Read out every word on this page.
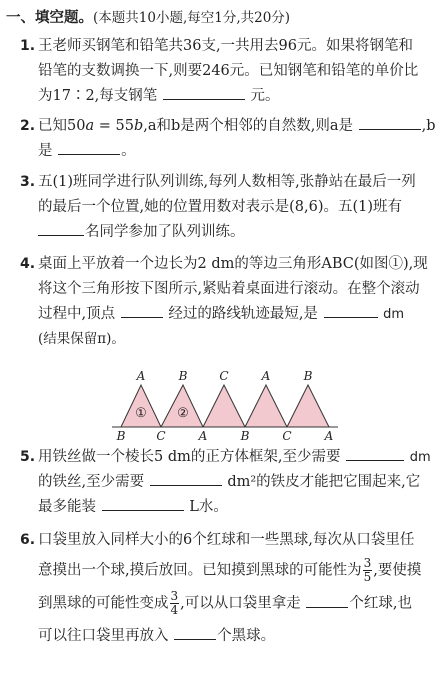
一、填空题。(本题共10小题,每空1分,共20分)
1. 王老师买钢笔和铅笔共36支,一共用去96元。如果将钢笔和
铅笔的支数调换一下,则要246元。已知钢笔和铅笔的单价比
为17∶2,每支钢笔	元。
2. 已知50a = 55b,a和b是两个相邻的自然数,则a是	,b
是	。
3. 五(1)班同学进行队列训练,每列人数相等,张静站在最后一列
的最后一个位置,她的位置用数对表示是(8,6)。五(1)班有
名同学参加了队列训练。
4. 桌面上平放着一个边长为2 dm的等边三角形ABC(如图①),现
将这个三角形按下图所示,紧贴着桌面进行滚动。在整个滚动
过程中,顶点	经过的路线轨迹最短,是	dm
(结果保留π)。
A	B	C	A	B
B	C	A	B	C	A
① ②
5. 用铁丝做一个棱长5 dm的正方体框架,至少需要	dm
的铁丝,至少需要	dm²的铁皮才能把它围起来,它
最多能装	L水。
6. 口袋里放入同样大小的6个红球和一些黑球,每次从口袋里任
意摸出一个球,摸后放回。已知摸到黑球的可能性为 $\frac{3}{5}$ ,要使摸
到黑球的可能性变成 $\frac{3}{4}$ ,可以从口袋里拿走	个红球,也
可以往口袋里再放入	个黑球。
